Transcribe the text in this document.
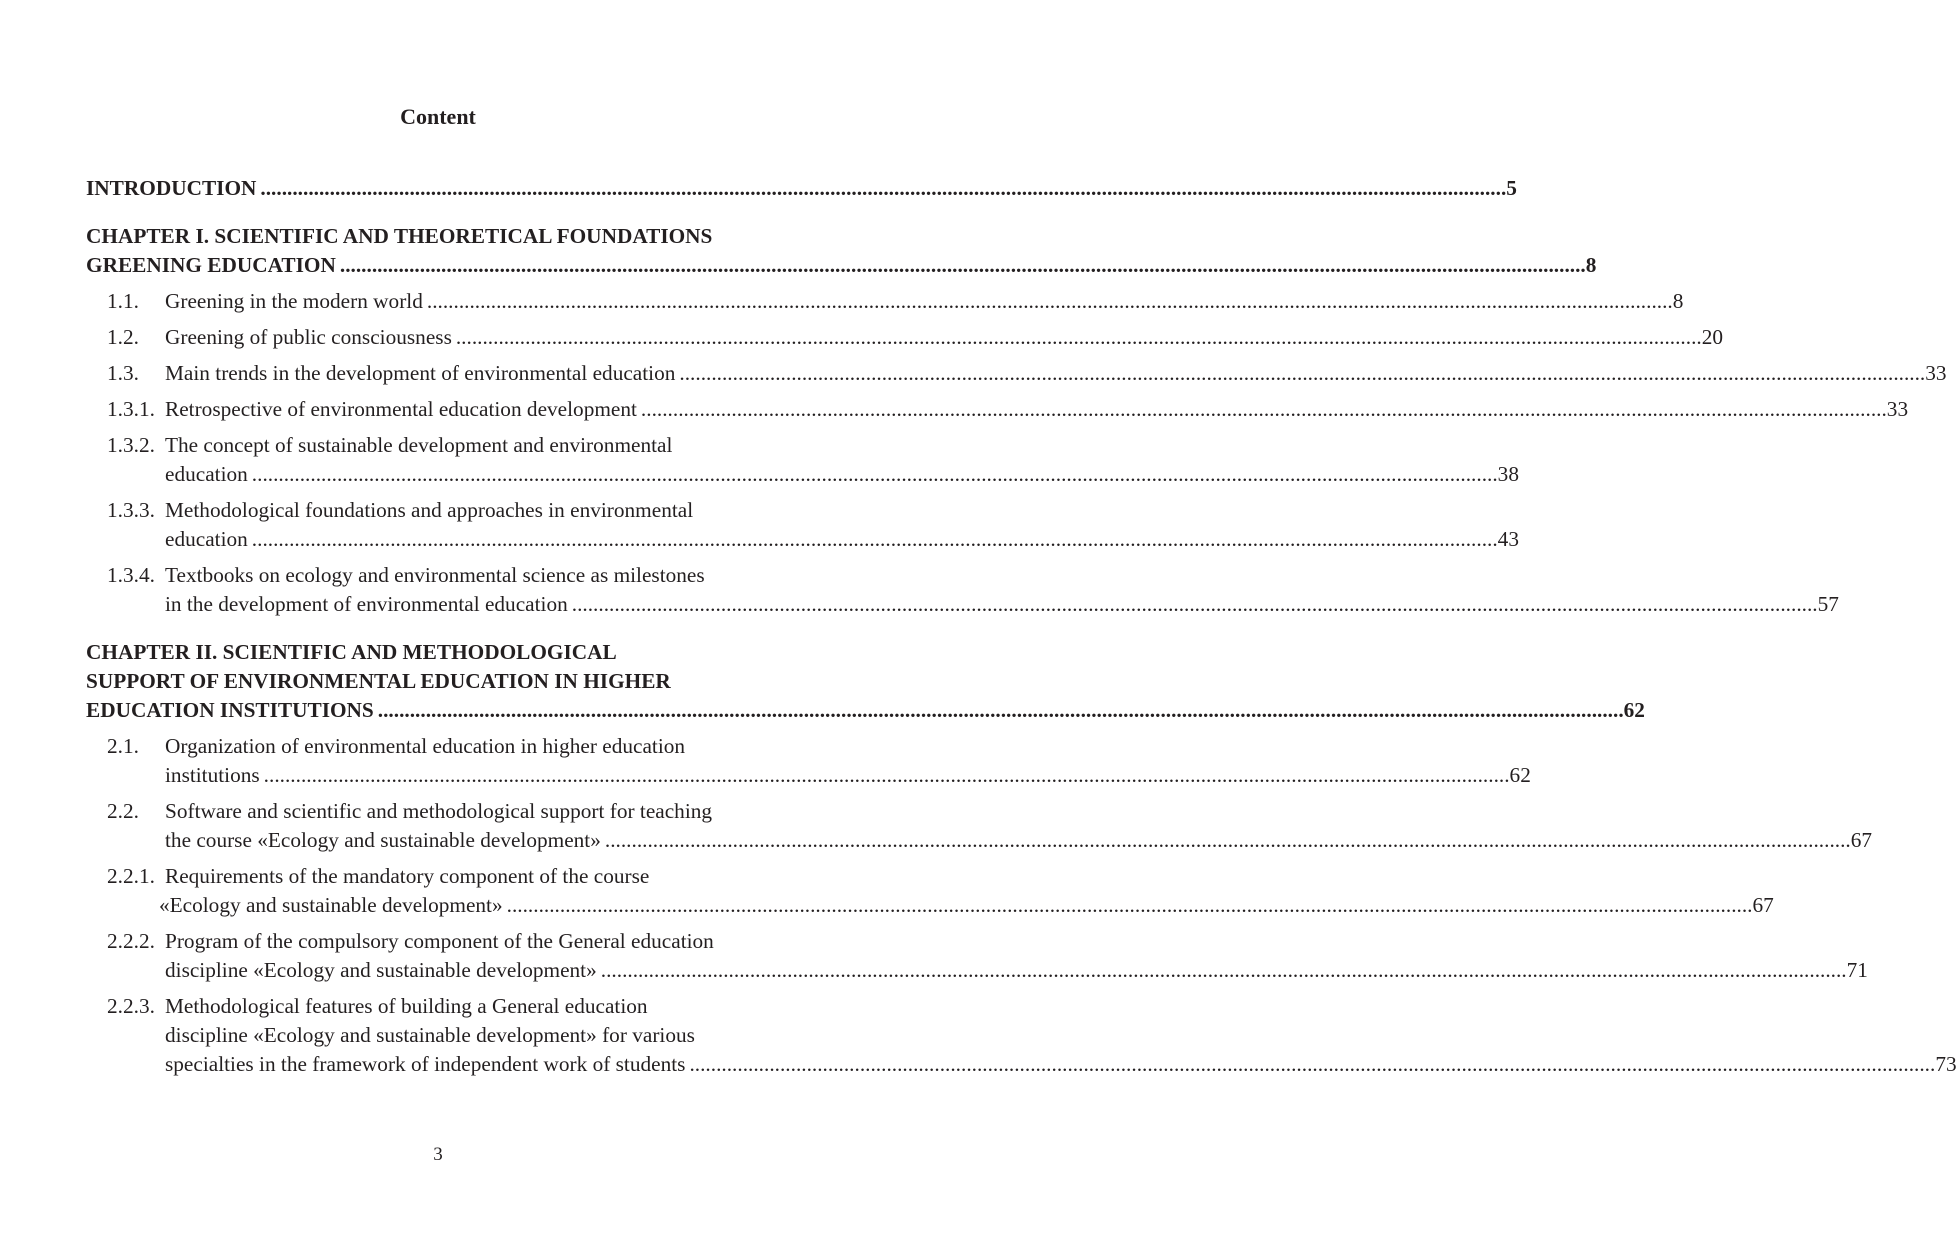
Content
INTRODUCTION .......................................................................................................................................................................................................................................... 5
CHAPTER I. SCIENTIFIC AND THEORETICAL FOUNDATIONS
GREENING EDUCATION .......................................................................................................................................................................................................................................... 8
1.1. Greening in the modern world .......................................................................................................................................................................................................................................... 8
1.2. Greening of public consciousness .......................................................................................................................................................................................................................................... 20
1.3. Main trends in the development of environmental education .......................................................................................................................................................................................................................................... 33
1.3.1. Retrospective of environmental education development .......................................................................................................................................................................................................................................... 33
1.3.2. The concept of sustainable development and environmental
education .......................................................................................................................................................................................................................................... 38
1.3.3. Methodological foundations and approaches in environmental
education .......................................................................................................................................................................................................................................... 43
1.3.4. Textbooks on ecology and environmental science as milestones
in the development of environmental education .......................................................................................................................................................................................................................................... 57
CHAPTER II. SCIENTIFIC AND METHODOLOGICAL
SUPPORT OF ENVIRONMENTAL EDUCATION IN HIGHER
EDUCATION INSTITUTIONS .......................................................................................................................................................................................................................................... 62
2.1. Organization of environmental education in higher education
institutions .......................................................................................................................................................................................................................................... 62
2.2. Software and scientific and methodological support for teaching
the course «Ecology and sustainable development» .......................................................................................................................................................................................................................................... 67
2.2.1. Requirements of the mandatory component of the course
«Ecology and sustainable development» .......................................................................................................................................................................................................................................... 67
2.2.2. Program of the compulsory component of the General education
discipline «Ecology and sustainable development» .......................................................................................................................................................................................................................................... 71
2.2.3. Methodological features of building a General education
discipline «Ecology and sustainable development» for various
specialties in the framework of independent work of students .......................................................................................................................................................................................................................................... 73
3
